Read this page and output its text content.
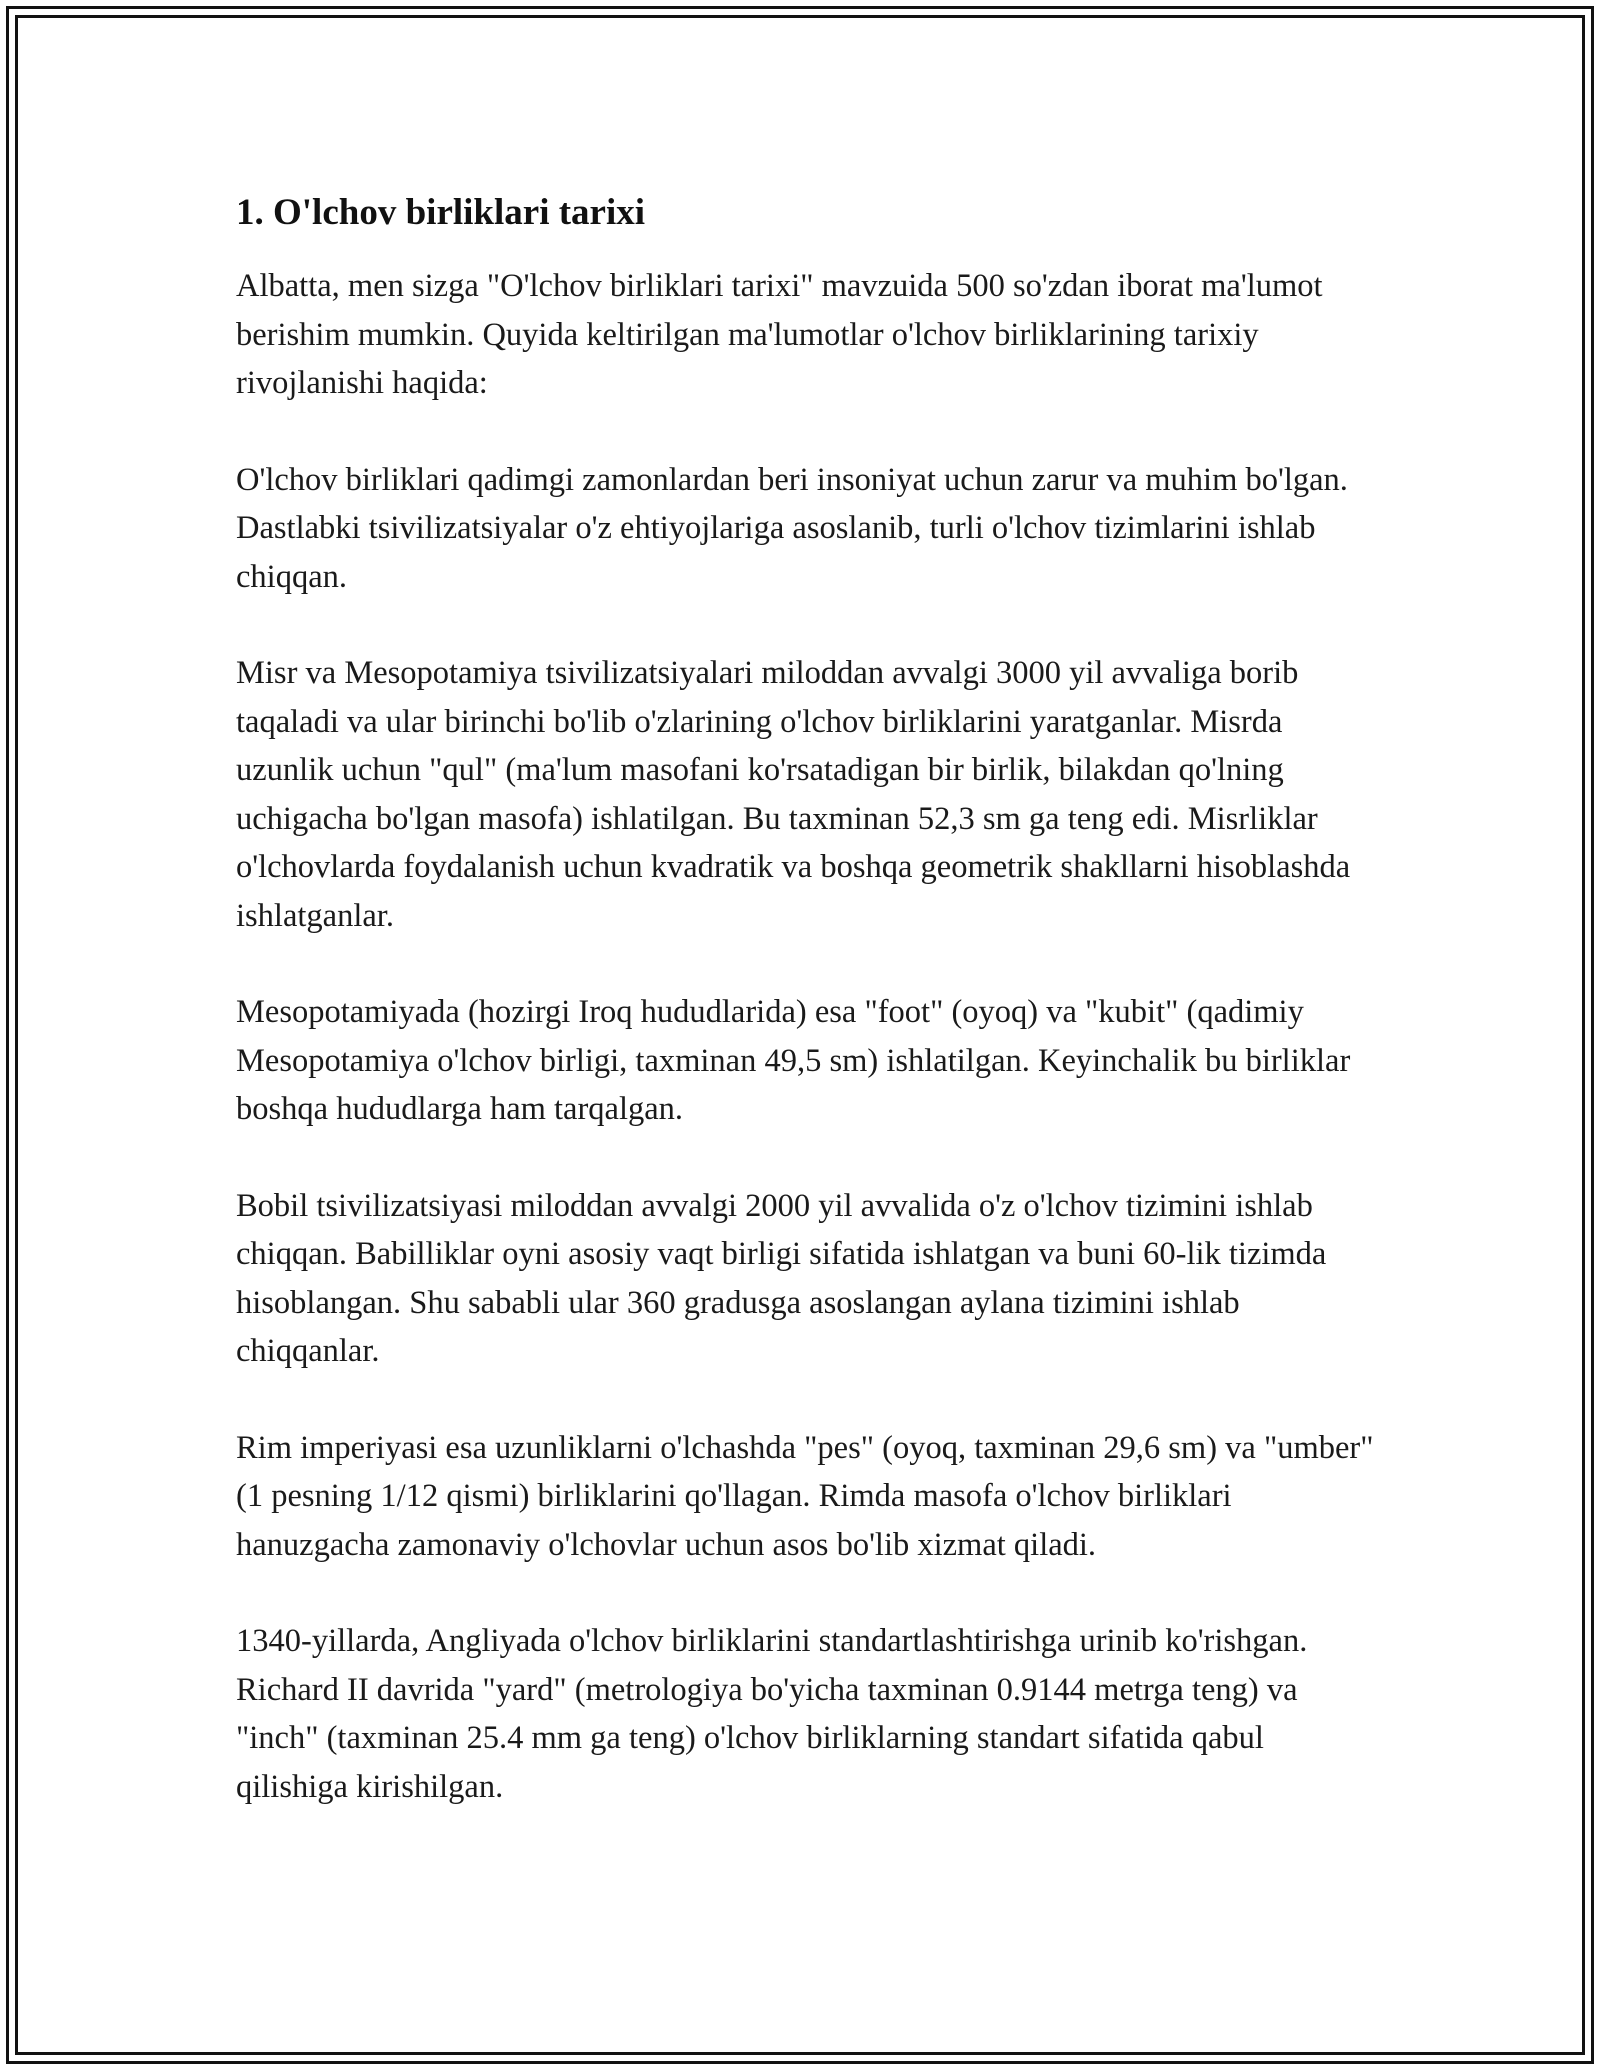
1. O'lchov birliklari tarixi

Albatta, men sizga "O'lchov birliklari tarixi" mavzuida 500 so'zdan iborat ma'lumot berishim mumkin. Quyida keltirilgan ma'lumotlar o'lchov birliklarining tarixiy rivojlanishi haqida:

O'lchov birliklari qadimgi zamonlardan beri insoniyat uchun zarur va muhim bo'lgan. Dastlabki tsivilizatsiyalar o'z ehtiyojlariga asoslanib, turli o'lchov tizimlarini ishlab chiqqan.

Misr va Mesopotamiya tsivilizatsiyalari miloddan avvalgi 3000 yil avvaliga borib taqaladi va ular birinchi bo'lib o'zlarining o'lchov birliklarini yaratganlar. Misrda uzunlik uchun "qul" (ma'lum masofani ko'rsatadigan bir birlik, bilakdan qo'lning uchigacha bo'lgan masofa) ishlatilgan. Bu taxminan 52,3 sm ga teng edi. Misrliklar o'lchovlarda foydalanish uchun kvadratik va boshqa geometrik shakllarni hisoblashda ishlatganlar.

Mesopotamiyada (hozirgi Iroq hududlarida) esa "foot" (oyoq) va "kubit" (qadimiy Mesopotamiya o'lchov birligi, taxminan 49,5 sm) ishlatilgan. Keyinchalik bu birliklar boshqa hududlarga ham tarqalgan.

Bobil tsivilizatsiyasi miloddan avvalgi 2000 yil avvalida o'z o'lchov tizimini ishlab chiqqan. Babilliklar oyni asosiy vaqt birligi sifatida ishlatgan va buni 60-lik tizimda hisoblangan. Shu sababli ular 360 gradusga asoslangan aylana tizimini ishlab chiqqanlar.

Rim imperiyasi esa uzunliklarni o'lchashda "pes" (oyoq, taxminan 29,6 sm) va "umber" (1 pesning 1/12 qismi) birliklarini qo'llagan. Rimda masofa o'lchov birliklari hanuzgacha zamonaviy o'lchovlar uchun asos bo'lib xizmat qiladi.

1340-yillarda, Angliyada o'lchov birliklarini standartlashtirishga urinib ko'rishgan. Richard II davrida "yard" (metrologiya bo'yicha taxminan 0.9144 metrga teng) va "inch" (taxminan 25.4 mm ga teng) o'lchov birliklarning standart sifatida qabul qilishiga kirishilgan.
